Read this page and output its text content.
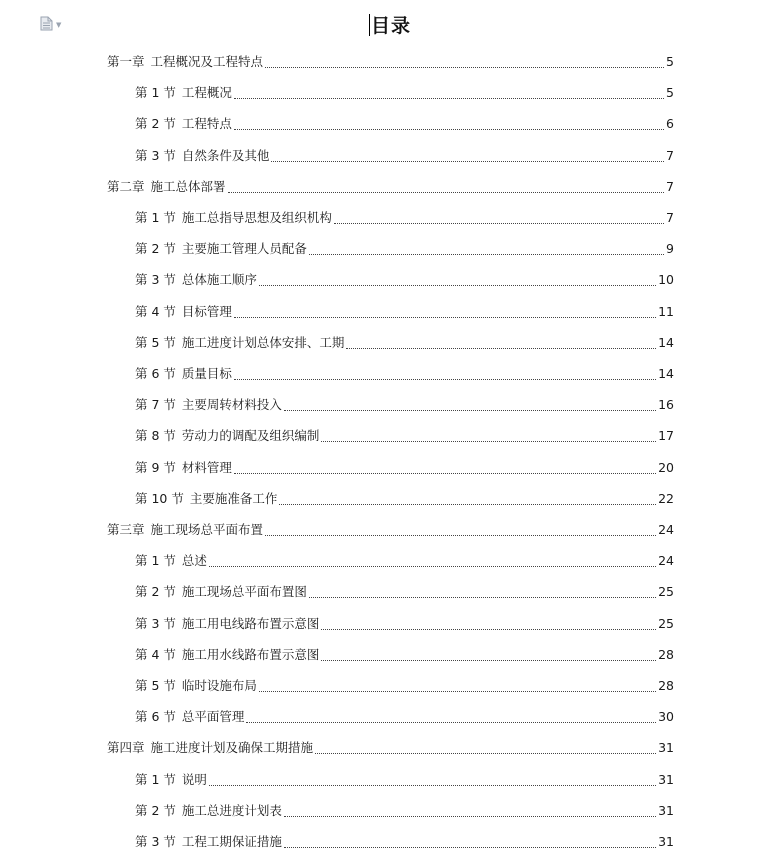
▼	目录
第一章 工程概况及工程特点	5
第 1 节 工程概况	5
第 2 节 工程特点	6
第 3 节 自然条件及其他	7
第二章 施工总体部署	7
第 1 节 施工总指导思想及组织机构	7
第 2 节 主要施工管理人员配备	9
第 3 节 总体施工顺序	10
第 4 节 目标管理	11
第 5 节 施工进度计划总体安排、工期	14
第 6 节 质量目标	14
第 7 节 主要周转材料投入	16
第 8 节 劳动力的调配及组织编制	17
第 9 节 材料管理	20
第 10 节 主要施准备工作	22
第三章 施工现场总平面布置	24
第 1 节 总述	24
第 2 节 施工现场总平面布置图	25
第 3 节 施工用电线路布置示意图	25
第 4 节 施工用水线路布置示意图	28
第 5 节 临时设施布局	28
第 6 节 总平面管理	30
第四章 施工进度计划及确保工期措施	31
第 1 节 说明	31
第 2 节 施工总进度计划表	31
第 3 节 工程工期保证措施	31
